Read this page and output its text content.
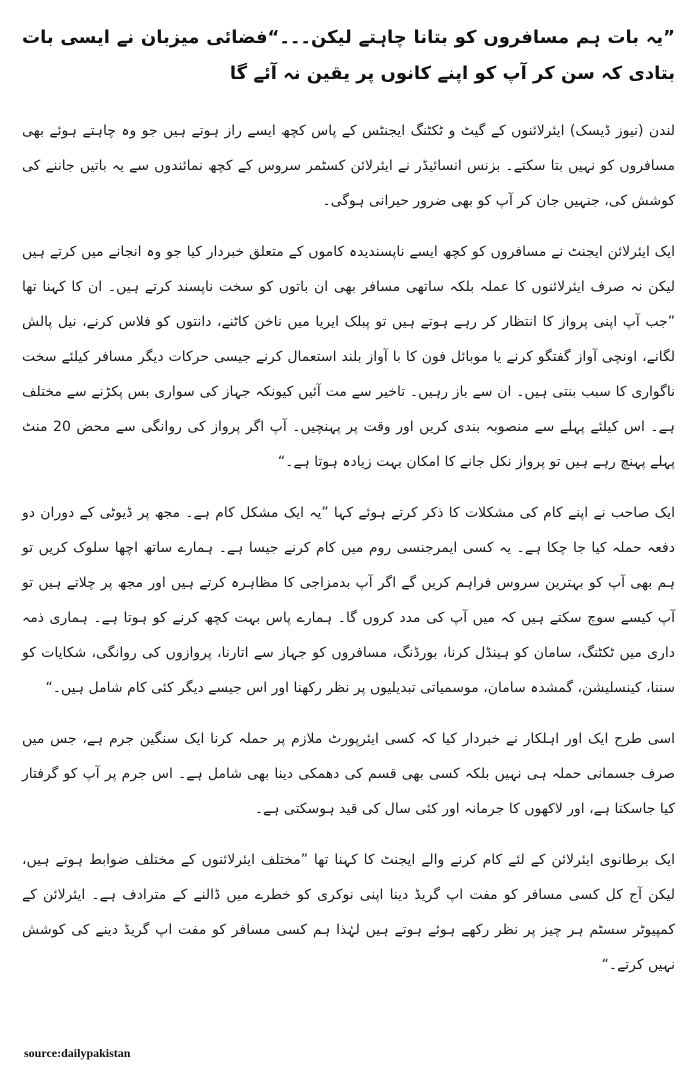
”یہ بات ہم مسافروں کو بتانا چاہتے لیکن۔۔۔“فضائی میزبان نے ایسی بات بتادی کہ سن کر آپ کو اپنے کانوں پر یقین نہ آئے گا

لندن (نیوز ڈیسک) ایئرلائنوں کے گیٹ و ٹکٹنگ ایجنٹس کے پاس کچھ ایسے راز ہوتے ہیں جو وہ چاہتے ہوئے بھی مسافروں کو نہیں بتا سکتے۔ بزنس انسائیڈر نے ایئرلائن کسٹمر سروس کے کچھ نمائندوں سے یہ باتیں جاننے کی کوشش کی، جنہیں جان کر آپ کو بھی ضرور حیرانی ہوگی۔

ایک ایئرلائن ایجنٹ نے مسافروں کو کچھ ایسے ناپسندیدہ کاموں کے متعلق خبردار کیا جو وہ انجانے میں کرتے ہیں لیکن نہ صرف ایئرلائنوں کا عملہ بلکہ ساتھی مسافر بھی ان باتوں کو سخت ناپسند کرتے ہیں۔ ان کا کہنا تھا ”جب آپ اپنی پرواز کا انتظار کر رہے ہوتے ہیں تو پبلک ایریا میں ناخن کاٹنے، دانتوں کو فلاس کرنے، نیل پالش لگانے، اونچی آواز گفتگو کرنے یا موبائل فون کا با آواز بلند استعمال کرنے جیسی حرکات دیگر مسافر کیلئے سخت ناگواری کا سبب بنتی ہیں۔ ان سے باز رہیں۔ تاخیر سے مت آئیں کیونکہ جہاز کی سواری بس پکڑنے سے مختلف ہے۔ اس کیلئے پہلے سے منصوبہ بندی کریں اور وقت پر پہنچیں۔ آپ اگر پرواز کی روانگی سے محض 20 منٹ پہلے پہنچ رہے ہیں تو پرواز نکل جانے کا امکان بہت زیادہ ہوتا ہے۔“

ایک صاحب نے اپنے کام کی مشکلات کا ذکر کرتے ہوئے کہا ”یہ ایک مشکل کام ہے۔ مجھ پر ڈیوٹی کے دوران دو دفعہ حملہ کیا جا چکا ہے۔ یہ کسی ایمرجنسی روم میں کام کرنے جیسا ہے۔ ہمارے ساتھ اچھا سلوک کریں تو ہم بھی آپ کو بہترین سروس فراہم کریں گے اگر آپ بدمزاجی کا مظاہرہ کرتے ہیں اور مجھ پر چلاتے ہیں تو آپ کیسے سوچ سکتے ہیں کہ میں آپ کی مدد کروں گا۔ ہمارے پاس بہت کچھ کرنے کو ہوتا ہے۔ ہماری ذمہ داری میں ٹکٹنگ، سامان کو ہینڈل کرنا، بورڈنگ، مسافروں کو جہاز سے اتارنا، پروازوں کی روانگی، شکایات کو سننا، کینسلیشن، گمشدہ سامان، موسمیاتی تبدیلیوں پر نظر رکھنا اور اس جیسے دیگر کئی کام شامل ہیں۔“

اسی طرح ایک اور اہلکار نے خبردار کیا کہ کسی ایئرپورٹ ملازم پر حملہ کرنا ایک سنگین جرم ہے، جس میں صرف جسمانی حملہ ہی نہیں بلکہ کسی بھی قسم کی دھمکی دینا بھی شامل ہے۔ اس جرم پر آپ کو گرفتار کیا جاسکتا ہے، اور لاکھوں کا جرمانہ اور کئی سال کی قید ہوسکتی ہے۔

ایک برطانوی ایئرلائن کے لئے کام کرنے والے ایجنٹ کا کہنا تھا ”مختلف ایئرلائنوں کے مختلف ضوابط ہوتے ہیں، لیکن آج کل کسی مسافر کو مفت اپ گریڈ دینا اپنی نوکری کو خطرے میں ڈالنے کے مترادف ہے۔ ایئرلائن کے کمپیوٹر سسٹم ہر چیز پر نظر رکھے ہوئے ہوتے ہیں لہٰذا ہم کسی مسافر کو مفت اپ گریڈ دینے کی کوشش نہیں کرتے۔“

source:dailypakistan
